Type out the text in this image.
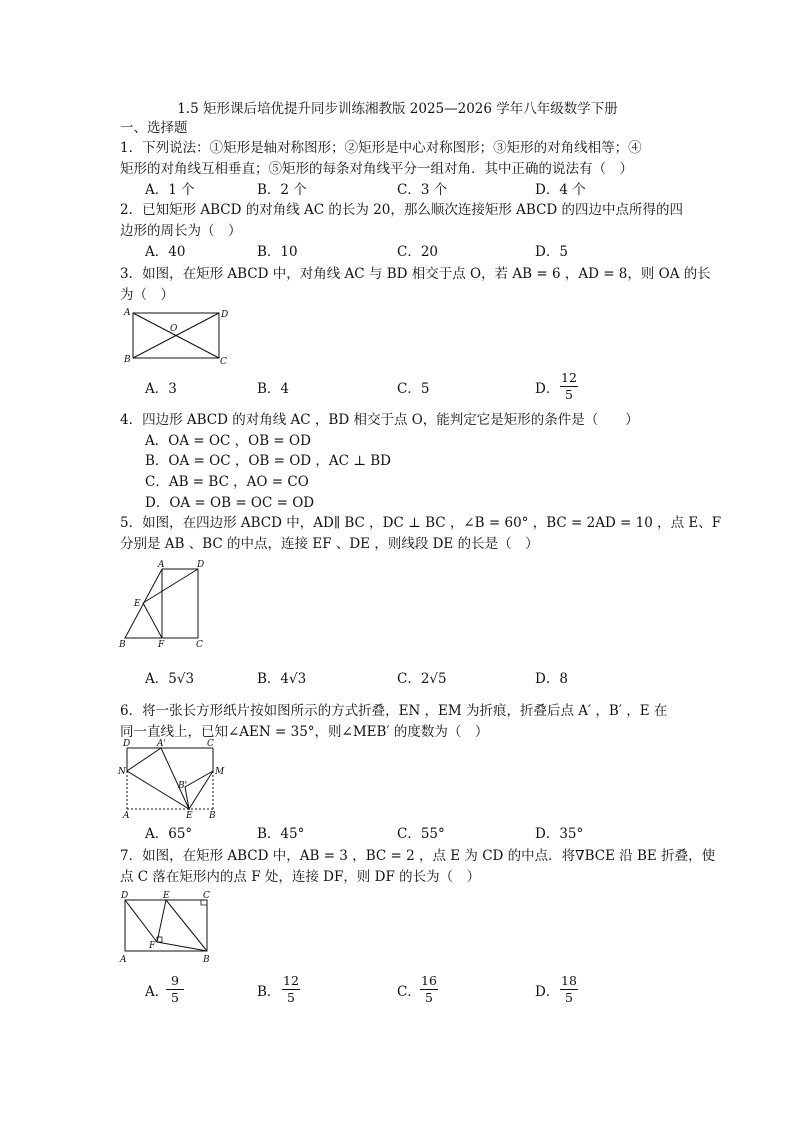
1.5 矩形课后培优提升同步训练湘教版 2025—2026 学年八年级数学下册
一、选择题
1．下列说法：①矩形是轴对称图形；②矩形是中心对称图形；③矩形的对角线相等；④
矩形的对角线互相垂直；⑤矩形的每条对角线平分一组对角．其中正确的说法有（　）
A．1 个	B．2 个	C．3 个	D．4 个
2．已知矩形 ABCD 的对角线 AC 的长为 20，那么顺次连接矩形 ABCD 的四边中点所得的四
边形的周长为（　）
A．40	B．10	C．20	D．5
3．如图，在矩形 ABCD 中，对角线 AC 与 BD 相交于点 O，若 AB = 6 ，AD = 8，则 OA 的长
为（　）
A	D
O
B	C
A．3	B．4	C．5	D．
12
5
4．四边形 ABCD 的对角线 AC ，BD 相交于点 O，能判定它是矩形的条件是（　　）
A．OA = OC ，OB = OD
B．OA = OC ，OB = OD ，AC ⊥ BD
C．AB = BC ，AO = CO
D．OA = OB = OC = OD
5．如图，在四边形 ABCD 中，AD∥ BC ，DC ⊥ BC ，∠B = 60° ，BC = 2AD = 10 ，点 E、F
分别是 AB 、BC 的中点，连接 EF 、DE ，则线段 DE 的长是（　）
A	D
E
B	F	C
A．5√3	B．4√3	C．2√5	D．8
6．将一张长方形纸片按如图所示的方式折叠，EN ，EM 为折痕，折叠后点 A′ ，B′ ，E 在
同一直线上，已知∠AEN = 35°，则∠MEB′ 的度数为（　）
D	A'	C
N	M
B'
A	E B
A．65°	B．45°	C．55°	D．35°
7．如图，在矩形 ABCD 中，AB = 3 ，BC = 2 ，点 E 为 CD 的中点．将∇BCE 沿 BE 折叠，使
点 C 落在矩形内的点 F 处，连接 DF，则 DF 的长为（　）
D	E	C
F
A	B
A．
9
5	B．
12
5	C．
16
5	D．
18
5
